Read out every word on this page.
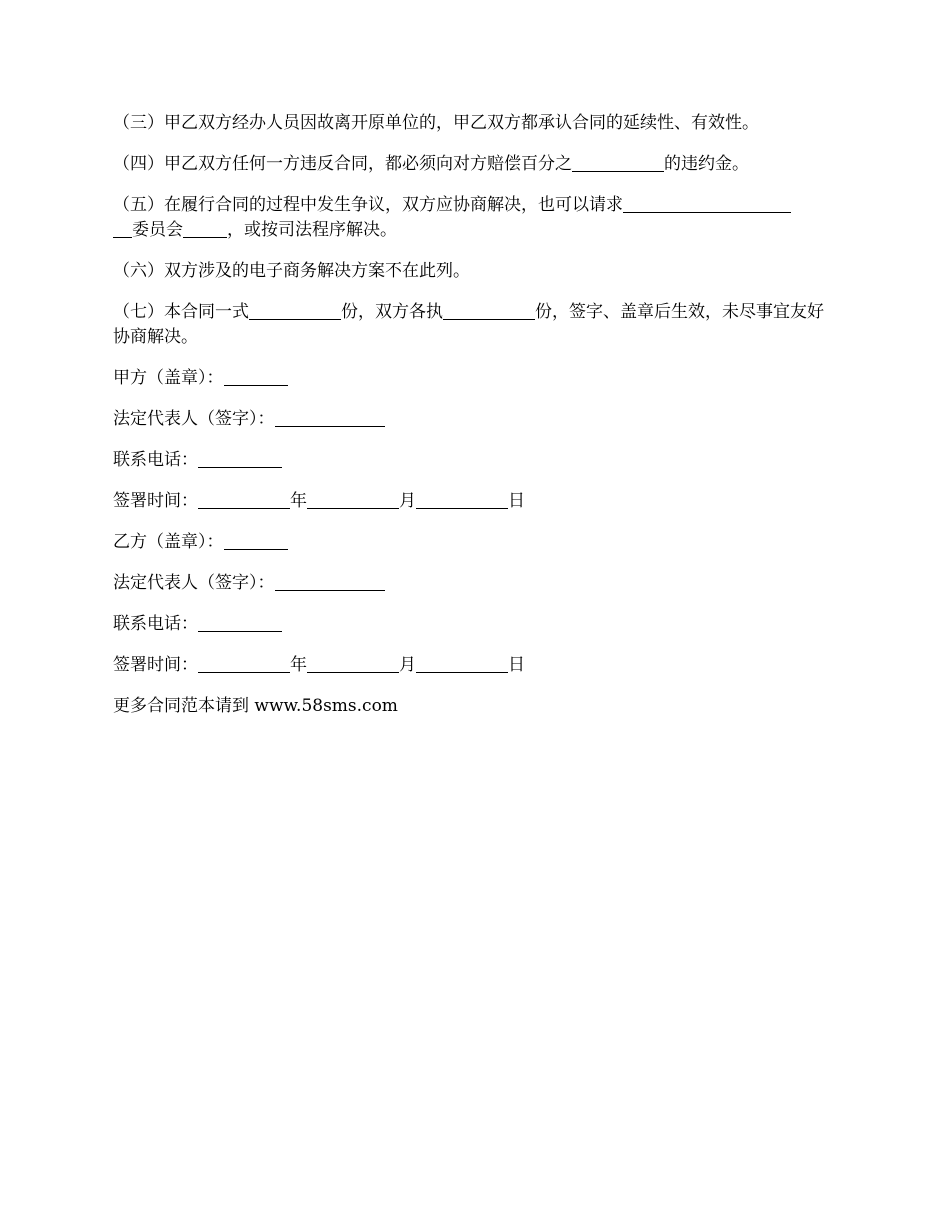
（三）甲乙双方经办人员因故离开原单位的，甲乙双方都承认合同的延续性、有效性。

（四）甲乙双方任何一方违反合同，都必须向对方赔偿百分之	的违约金。

（五）在履行合同的过程中发生争议，双方应协商解决，也可以请求
委员会	，或按司法程序解决。

（六）双方涉及的电子商务解决方案不在此列。

（七）本合同一式	份，双方各执	份，签字、盖章后生效，未尽事宜友好协商解决。

甲方（盖章）：
法定代表人（签字）：
联系电话：
签署时间：	年	月	日
乙方（盖章）：
法定代表人（签字）：
联系电话：
签署时间：	年	月	日
更多合同范本请到 www.58sms.com
